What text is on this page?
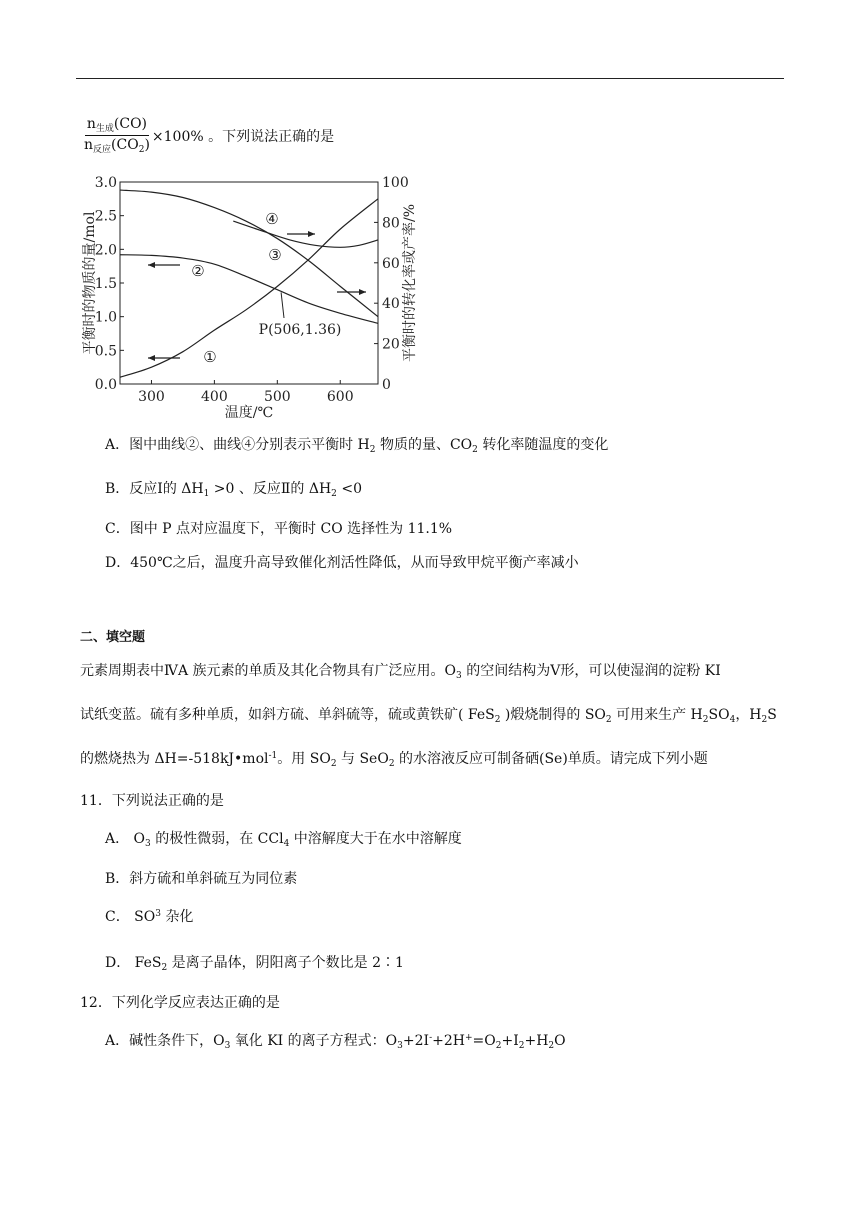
$\frac{n_{生成}(CO)}{n_{反应}(CO_2)} \times 100\%$ 。下列说法正确的是
300	400	500	600
0.0
0.5
1.0
1.5
2.0
2.5
3.0
0
20
40
60
80
100
温度/℃
平衡时的物质的量/mol	平衡时的转化率或产率/%
①
②
③
④
P(506,1.36)
A．图中曲线②、曲线④分别表示平衡时 $H_2$ 物质的量、$CO_2$ 转化率随温度的变化
B．反应Ⅰ的 $\Delta H_1 >0$ 、反应Ⅱ的 $\Delta H_2 <0$
C．图中 P 点对应温度下，平衡时 CO 选择性为 11.1%
D．450℃之后，温度升高导致催化剂活性降低，从而导致甲烷平衡产率减小
二、填空题
元素周期表中ⅣA 族元素的单质及其化合物具有广泛应用。$O_3$ 的空间结构为Ⅴ形，可以使湿润的淀粉 KI
试纸变蓝。硫有多种单质，如斜方硫、单斜硫等，硫或黄铁矿( FeS$_2$ )煅烧制得的 $SO_2$ 可用来生产 $H_2SO_4$，$H_2S$
的燃烧热为 ΔH=-518kJ•mol$^{-1}$。用 $SO_2$ 与 SeO$_2$ 的水溶液反应可制备硒(Se)单质。请完成下列小题
11．下列说法正确的是
A． $O_3$ 的极性微弱，在 CCl$_4$ 中溶解度大于在水中溶解度
B．斜方硫和单斜硫互为同位素
C． $SO^3$ 杂化
D． FeS$_2$ 是离子晶体，阴阳离子个数比是 2∶1
12．下列化学反应表达正确的是
A．碱性条件下，$O_3$ 氧化 KI 的离子方程式：$O_3+2I^-+2H^+=O_2+I_2+H_2O$
